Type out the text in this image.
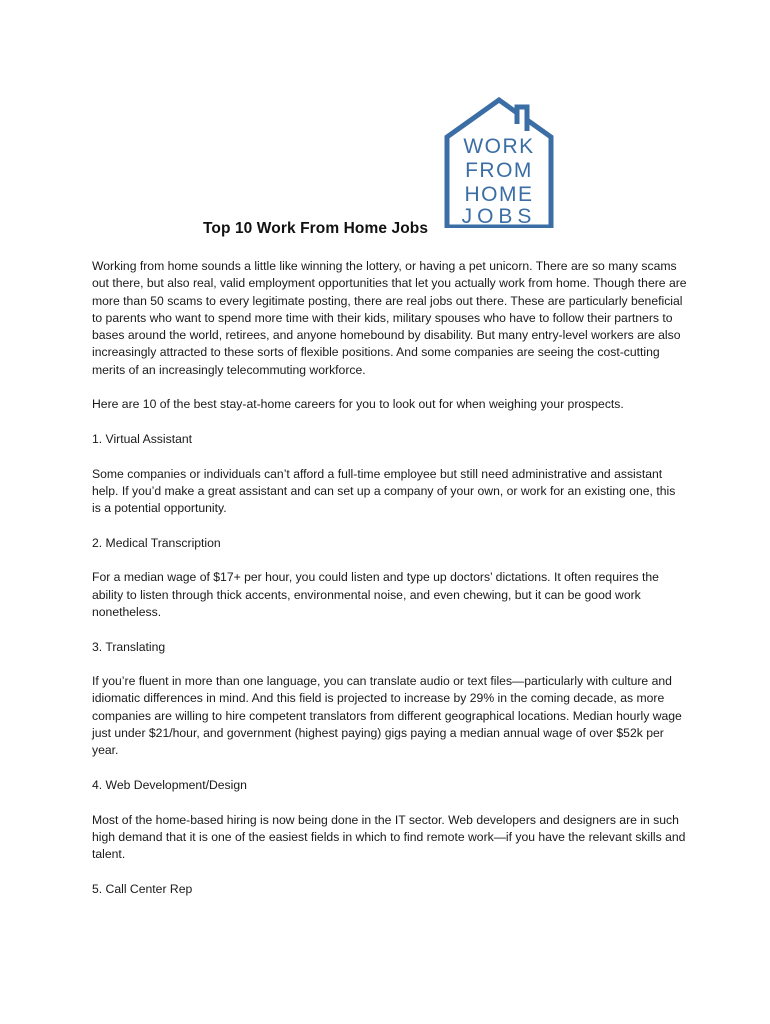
WORK
FROM
HOME
JOBS
Top 10 Work From Home Jobs

Working from home sounds a little like winning the lottery, or having a pet unicorn. There are so many scams out there, but also real, valid employment opportunities that let you actually work from home. Though there are more than 50 scams to every legitimate posting, there are real jobs out there. These are particularly beneficial to parents who want to spend more time with their kids, military spouses who have to follow their partners to bases around the world, retirees, and anyone homebound by disability. But many entry-level workers are also increasingly attracted to these sorts of flexible positions. And some companies are seeing the cost-cutting merits of an increasingly telecommuting workforce.

Here are 10 of the best stay-at-home careers for you to look out for when weighing your prospects.

1. Virtual Assistant

Some companies or individuals can’t afford a full-time employee but still need administrative and assistant help. If you’d make a great assistant and can set up a company of your own, or work for an existing one, this is a potential opportunity.

2. Medical Transcription

For a median wage of $17+ per hour, you could listen and type up doctors’ dictations. It often requires the ability to listen through thick accents, environmental noise, and even chewing, but it can be good work nonetheless.

3. Translating

If you’re fluent in more than one language, you can translate audio or text files—particularly with culture and idiomatic differences in mind. And this field is projected to increase by 29% in the coming decade, as more companies are willing to hire competent translators from different geographical locations. Median hourly wage just under $21/hour, and government (highest paying) gigs paying a median annual wage of over $52k per year.

4. Web Development/Design

Most of the home-based hiring is now being done in the IT sector. Web developers and designers are in such high demand that it is one of the easiest fields in which to find remote work—if you have the relevant skills and talent.

5. Call Center Rep
